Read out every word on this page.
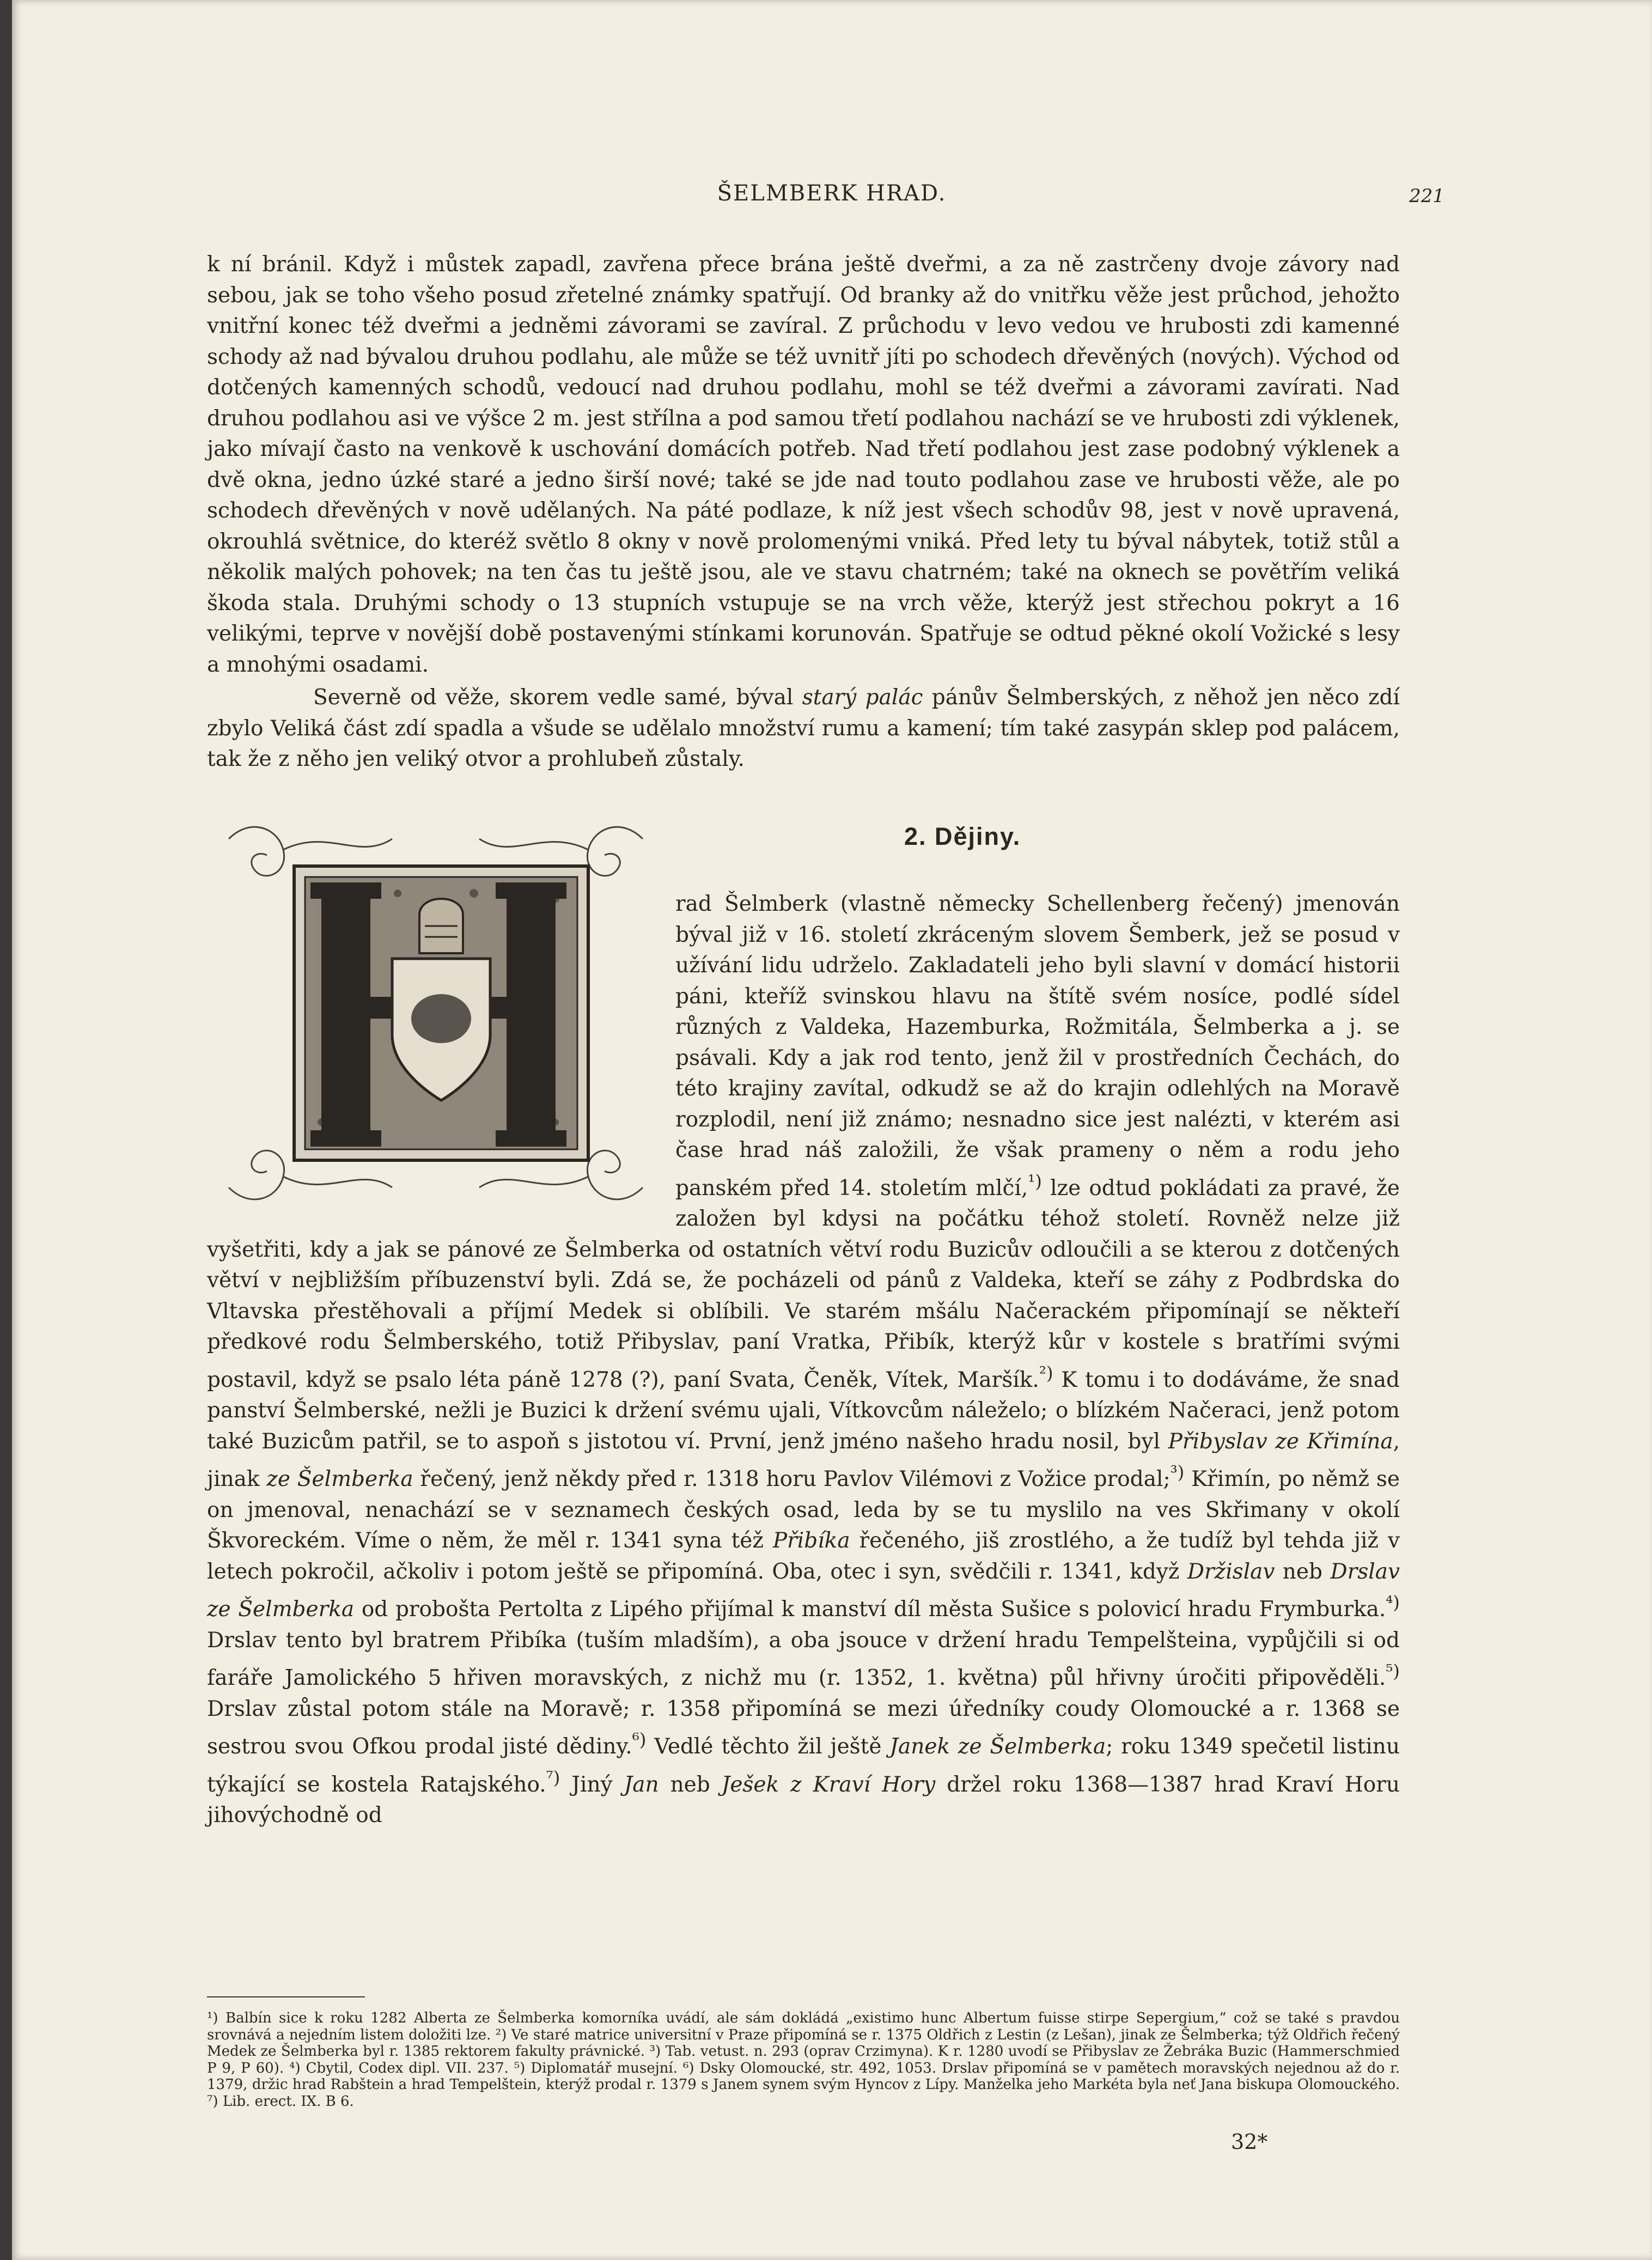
ŠELMBERK HRAD.	221

k ní bránil. Když i můstek zapadl, zavřena přece brána ještě dveřmi, a za ně zastrčeny dvoje závory nad sebou, jak se toho všeho posud zřetelné známky spatřují. Od branky až do vnitřku věže jest průchod, jehožto vnitřní konec též dveřmi a jedněmi závorami se zavíral. Z průchodu v levo vedou ve hrubosti zdi kamenné schody až nad bývalou druhou podlahu, ale může se též uvnitř jíti po schodech dřevěných (nových). Východ od dotčených kamenných schodů, vedoucí nad druhou podlahu, mohl se též dveřmi a závorami zavírati. Nad druhou podlahou asi ve výšce 2 m. jest střílna a pod samou třetí podlahou nachází se ve hrubosti zdi výklenek, jako mívají často na venkově k uschování domácích potřeb. Nad třetí podlahou jest zase podobný výklenek a dvě okna, jedno úzké staré a jedno širší nové; také se jde nad touto podlahou zase ve hrubosti věže, ale po schodech dřevěných v nově udělaných. Na páté podlaze, k níž jest všech schodův 98, jest v nově upravená, okrouhlá světnice, do kteréž světlo 8 okny v nově prolomenými vniká. Před lety tu býval nábytek, totiž stůl a několik malých pohovek; na ten čas tu ještě jsou, ale ve stavu chatrném; také na oknech se povětřím veliká škoda stala. Druhými schody o 13 stupních vstupuje se na vrch věže, kterýž jest střechou pokryt a 16 velikými, teprve v novější době postavenými stínkami korunován. Spatřuje se odtud pěkné okolí Vožické s lesy a mnohými osadami.

Severně od věže, skorem vedle samé, býval starý palác pánův Šelmberských, z něhož jen něco zdí zbylo Veliká část zdí spadla a všude se udělalo množství rumu a kamení; tím také zasypán sklep pod palácem, tak že z něho jen veliký otvor a prohlubeň zůstaly.

2. Dějiny.

rad Šelmberk (vlastně německy Schellenberg řečený) jmenován býval již v 16. století zkráceným slovem Šemberk, jež se posud v užívání lidu udrželo. Zakladateli jeho byli slavní v domácí historii páni, kteříž svinskou hlavu na štítě svém nosíce, podlé sídel různých z Valdeka, Hazemburka, Rožmitála, Šelmberka a j. se psávali. Kdy a jak rod tento, jenž žil v prostředních Čechách, do této krajiny zavítal, odkudž se až do krajin odlehlých na Moravě rozplodil, není již známo; nesnadno sice jest nalézti, v kterém asi čase hrad náš založili, že však prameny o něm a rodu jeho panském před 14. stoletím mlčí,$^{^1)}$ lze odtud pokládati za pravé, že založen byl kdysi na počátku téhož století. Rovněž nelze již vyšetřiti, kdy a jak se pánové ze Šelmberka od ostatních větví rodu Buzicův odloučili a se kterou z dotčených větví v nejbližším příbuzenství byli. Zdá se, že pocházeli od pánů z Valdeka, kteří se záhy z Podbrdska do Vltavska přestěhovali a příjmí Medek si oblíbili. Ve starém mšálu Načerackém připomínají se někteří předkové rodu Šelmberského, totiž Přibyslav, paní Vratka, Přibík, kterýž kůr v kostele s bratřími svými postavil, když se psalo léta páně 1278 (?), paní Svata, Čeněk, Vítek, Maršík.$^{^2)}$ K tomu i to dodáváme, že snad panství Šelmberské, nežli je Buzici k držení svému ujali, Vítkovcům náleželo; o blízkém Načeraci, jenž potom také Buzicům patřil, se to aspoň s jistotou ví. První, jenž jméno našeho hradu nosil, byl Přibyslav ze Křimína, jinak ze Šelmberka řečený, jenž někdy před r. 1318 horu Pavlov Vilémovi z Vožice prodal;$^{^3)}$ Křimín, po němž se on jmenoval, nenachází se v seznamech českých osad, leda by se tu myslilo na ves Skřimany v okolí Škvoreckém. Víme o něm, že měl r. 1341 syna též Přibíka řečeného, jiš zrostlého, a že tudíž byl tehda již v letech pokročil, ačkoliv i potom ještě se připomíná. Oba, otec i syn, svědčili r. 1341, když Držislav neb Drslav ze Šelmberka od probošta Pertolta z Lipého přijímal k manství díl města Sušice s polovicí hradu Frymburka.$^{^4)}$ Drslav tento byl bratrem Přibíka (tuším mladším), a oba jsouce v držení hradu Tempelšteina, vypůjčili si od faráře Jamolického 5 hřiven moravských, z nichž mu (r. 1352, 1. května) půl hřivny úročiti připověděli.$^{^5)}$ Drslav zůstal potom stále na Moravě; r. 1358 připomíná se mezi úředníky coudy Olomoucké a r. 1368 se sestrou svou Ofkou prodal jisté dědiny.$^{^6)}$ Vedlé těchto žil ještě Janek ze Šelmberka; roku 1349 spečetil listinu týkající se kostela Ratajského.$^{^7)}$ Jiný Jan neb Ješek z Kraví Hory držel roku 1368—1387 hrad Kraví Horu jihovýchodně od

¹) Balbín sice k roku 1282 Alberta ze Šelmberka komorníka uvádí, ale sám dokládá „existimo hunc Albertum fuisse stirpe Sepergium,“ což se také s pravdou srovnává a nejedním listem doložiti lze. ²) Ve staré matrice universitní v Praze připomíná se r. 1375 Oldřich z Lestin (z Lešan), jinak ze Šelmberka; týž Oldřich řečený Medek ze Šelmberka byl r. 1385 rektorem fakulty právnické. ³) Tab. vetust. n. 293 (oprav Crzimyna). K r. 1280 uvodí se Přibyslav ze Žebráka Buzic (Hammerschmied P 9, P 60). ⁴) Cbytil, Codex dipl. VII. 237. ⁵) Diplomatář musejní. ⁶) Dsky Olomoucké, str. 492, 1053. Drslav připomíná se v pamětech moravských nejednou až do r. 1379, držic hrad Rabštein a hrad Tempelštein, kterýž prodal r. 1379 s Janem synem svým Hyncov z Lípy. Manželka jeho Markéta byla neť Jana biskupa Olomouckého. ⁷) Lib. erect. IX. B 6.

32*
